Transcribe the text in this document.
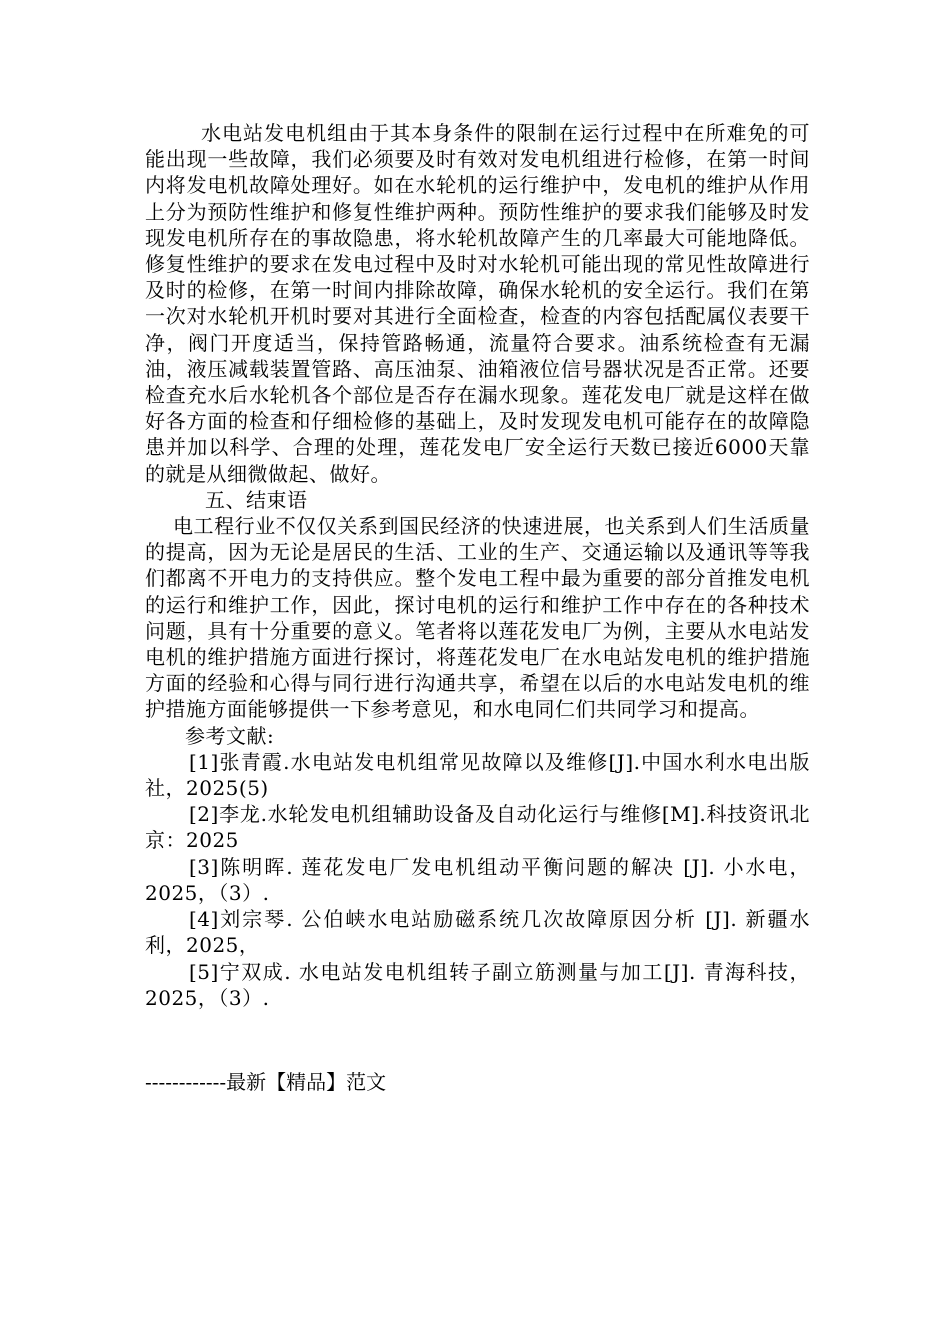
水电站发电机组由于其本身条件的限制在运行过程中在所难免的可能出现一些故障，我们必须要及时有效对发电机组进行检修，在第一时间内将发电机故障处理好。如在水轮机的运行维护中，发电机的维护从作用上分为预防性维护和修复性维护两种。预防性维护的要求我们能够及时发现发电机所存在的事故隐患，将水轮机故障产生的几率最大可能地降低。修复性维护的要求在发电过程中及时对水轮机可能出现的常见性故障进行及时的检修，在第一时间内排除故障，确保水轮机的安全运行。我们在第一次对水轮机开机时要对其进行全面检查，检查的内容包括配属仪表要干净，阀门开度适当，保持管路畅通，流量符合要求。油系统检查有无漏油，液压减载装置管路、高压油泵、油箱液位信号器状况是否正常。还要检查充水后水轮机各个部位是否存在漏水现象。莲花发电厂就是这样在做好各方面的检查和仔细检修的基础上，及时发现发电机可能存在的故障隐患并加以科学、合理的处理，莲花发电厂安全运行天数已接近6000天靠的就是从细微做起、做好。

五、结束语

电工程行业不仅仅关系到国民经济的快速进展，也关系到人们生活质量的提高，因为无论是居民的生活、工业的生产、交通运输以及通讯等等我们都离不开电力的支持供应。整个发电工程中最为重要的部分首推发电机的运行和维护工作，因此，探讨电机的运行和维护工作中存在的各种技术问题，具有十分重要的意义。笔者将以莲花发电厂为例，主要从水电站发电机的维护措施方面进行探讨，将莲花发电厂在水电站发电机的维护措施方面的经验和心得与同行进行沟通共享，希望在以后的水电站发电机的维护措施方面能够提供一下参考意见，和水电同仁们共同学习和提高。

参考文献:

[1]张青霞.水电站发电机组常见故障以及维修[J].中国水利水电出版社，2025(5)

[2]李龙.水轮发电机组辅助设备及自动化运行与维修[M].科技资讯北京：2025

[3]陈明晖. 莲花发电厂发电机组动平衡问题的解决 [J]. 小水电，2025，（3）.

[4]刘宗琴. 公伯峡水电站励磁系统几次故障原因分析 [J]. 新疆水利，2025，

[5]宁双成. 水电站发电机组转子副立筋测量与加工[J]. 青海科技，2025，（3）.

------------最新【精品】范文
